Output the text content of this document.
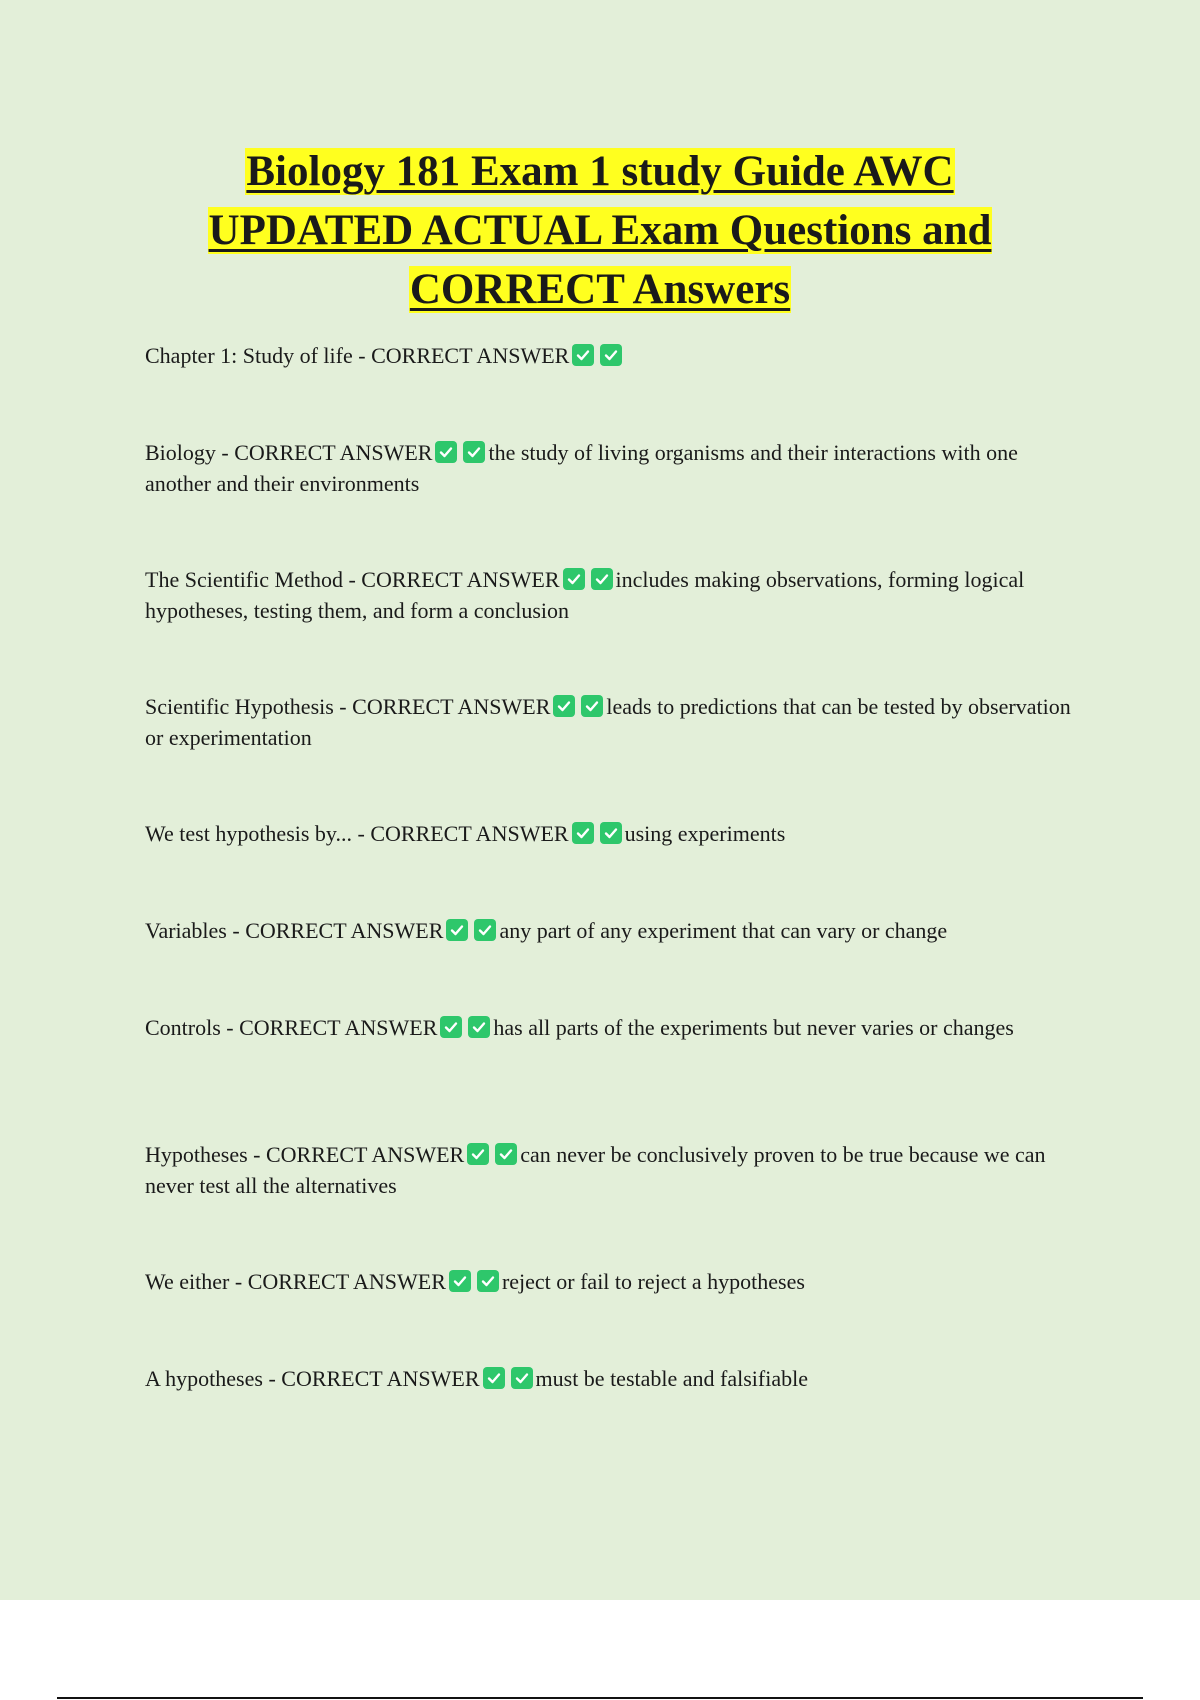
Biology 181 Exam 1 study Guide AWC
UPDATED ACTUAL Exam Questions and
CORRECT Answers

Chapter 1: Study of life - CORRECT ANSWER

Biology - CORRECT ANSWER	the study of living organisms and their interactions with one another and their environments

The Scientific Method - CORRECT ANSWER	includes making observations, forming logical hypotheses, testing them, and form a conclusion

Scientific Hypothesis - CORRECT ANSWER	leads to predictions that can be tested by observation or experimentation

We test hypothesis by... - CORRECT ANSWER	using experiments

Variables - CORRECT ANSWER	any part of any experiment that can vary or change

Controls - CORRECT ANSWER	has all parts of the experiments but never varies or changes

Hypotheses - CORRECT ANSWER	can never be conclusively proven to be true because we can never test all the alternatives

We either - CORRECT ANSWER	reject or fail to reject a hypotheses

A hypotheses - CORRECT ANSWER	must be testable and falsifiable
